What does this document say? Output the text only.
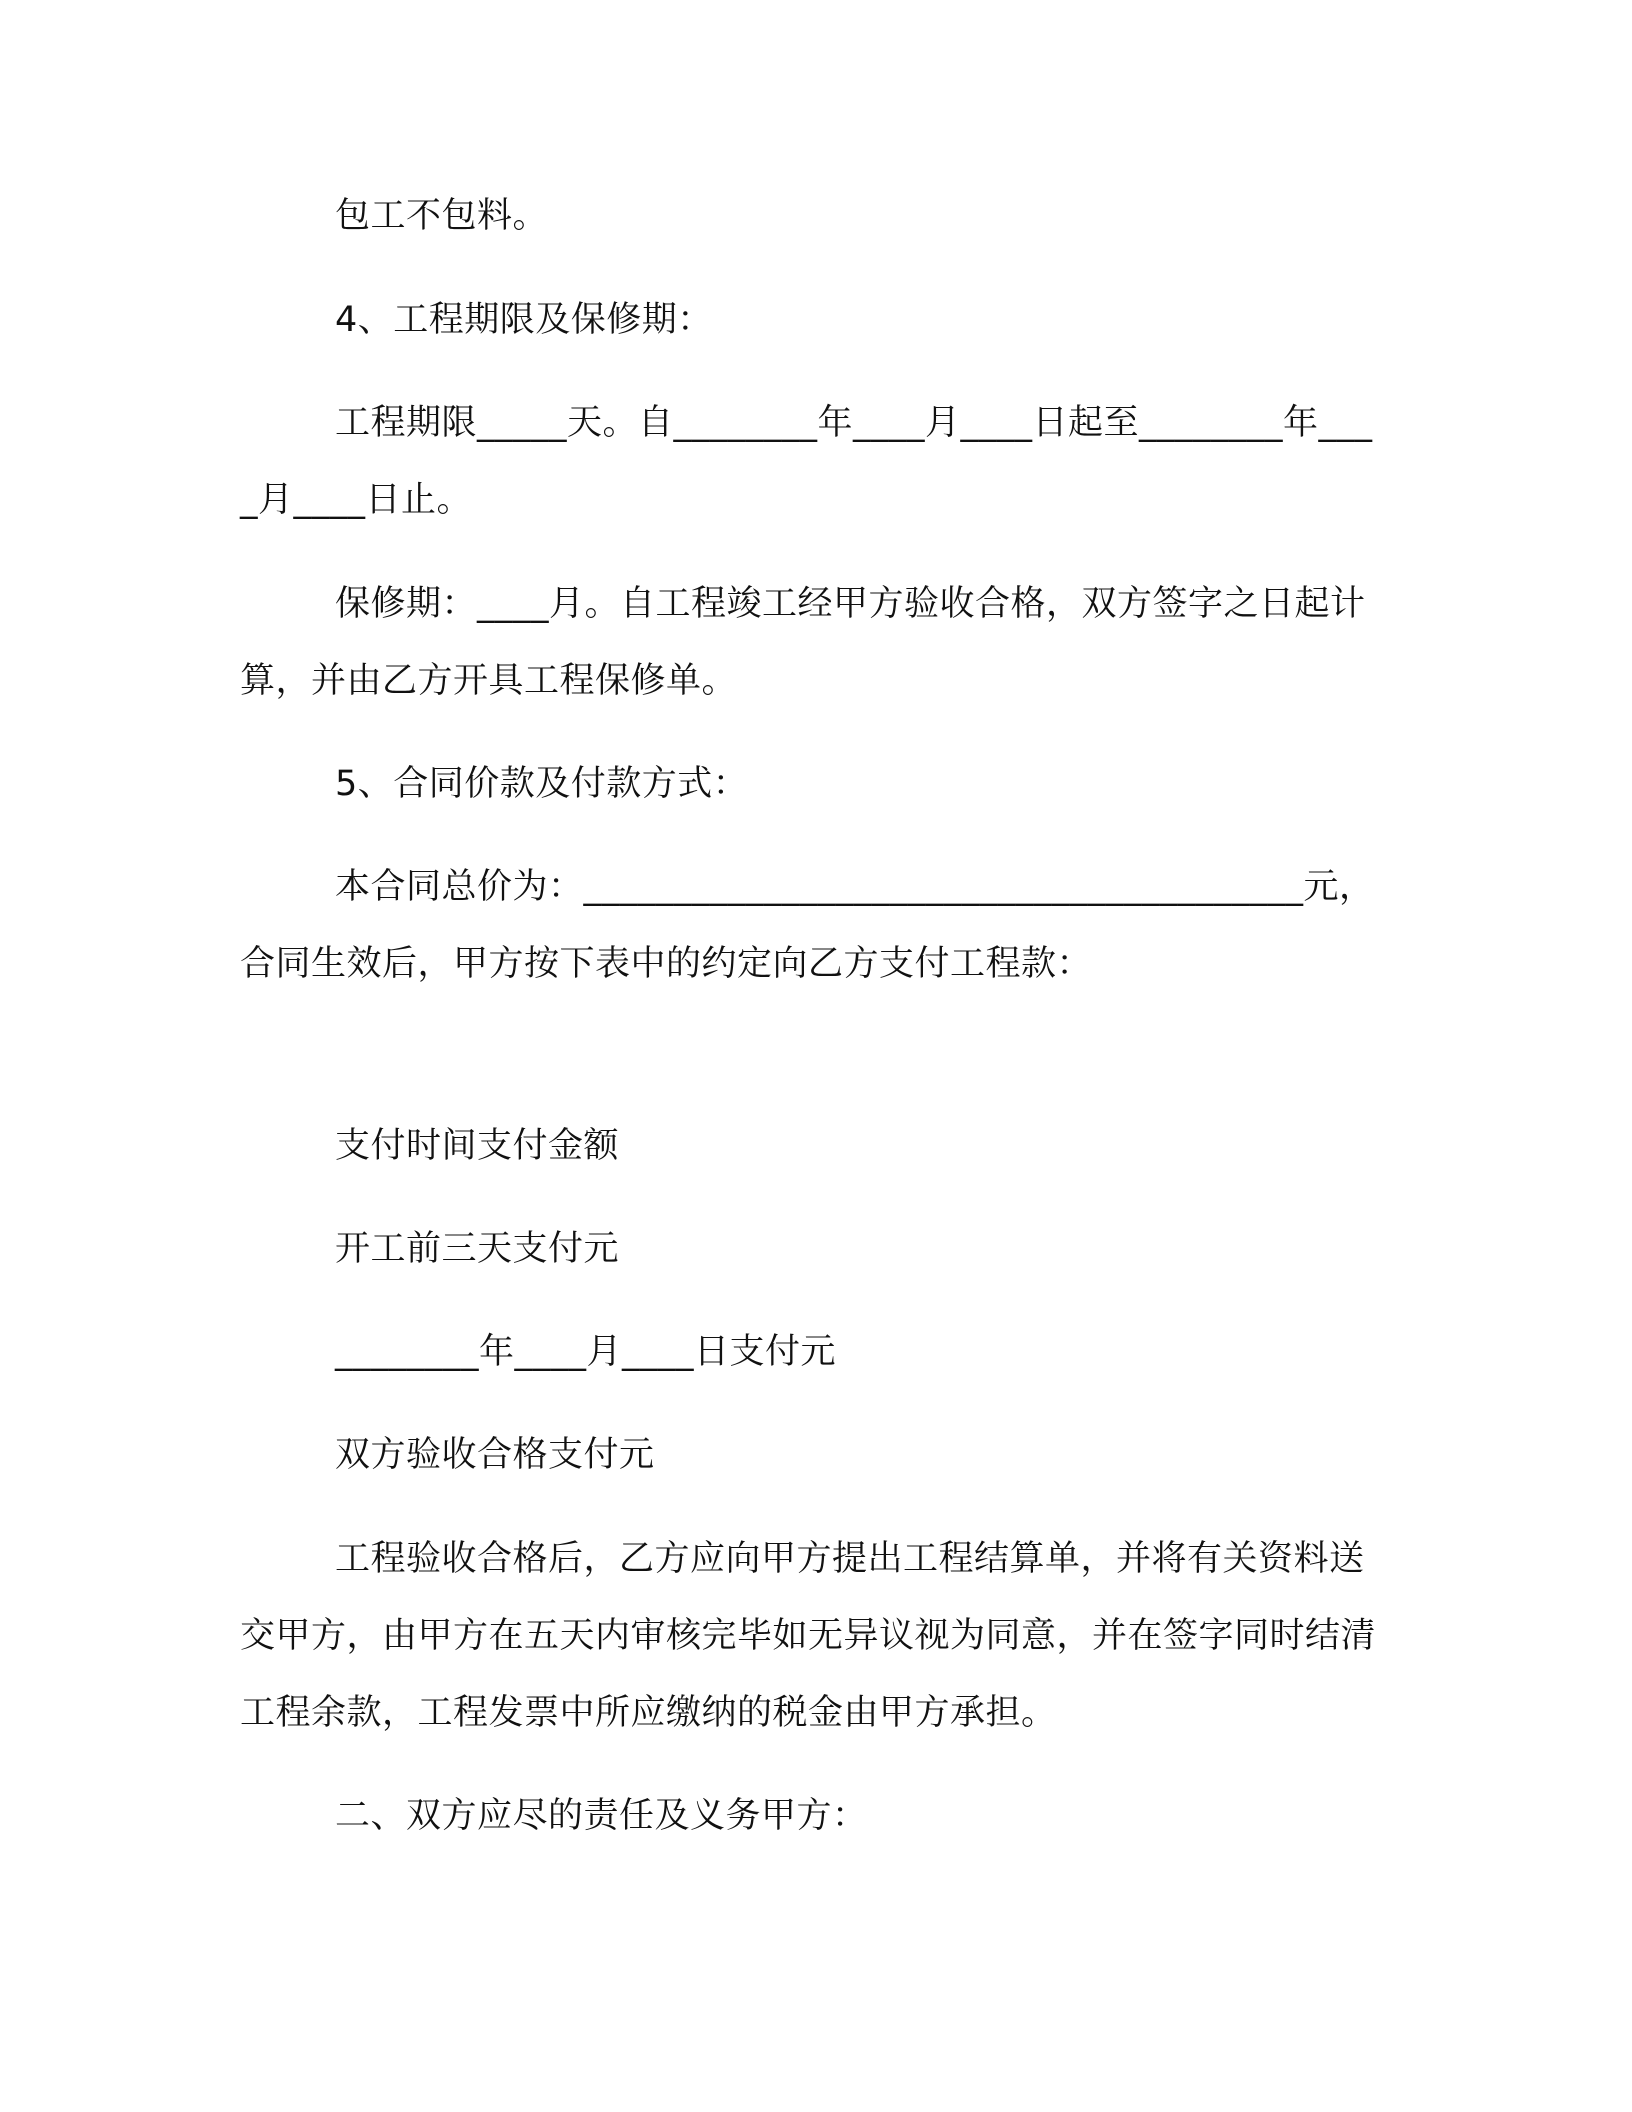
包工不包料。

4、工程期限及保修期：

工程期限_____天。自________年____月____日起至________年____月____日止。

保修期：____月。自工程竣工经甲方验收合格，双方签字之日起计算，并由乙方开具工程保修单。

5、合同价款及付款方式：

本合同总价为：________________________________________元，合同生效后，甲方按下表中的约定向乙方支付工程款：

支付时间支付金额

开工前三天支付元

________年____月____日支付元

双方验收合格支付元

工程验收合格后，乙方应向甲方提出工程结算单，并将有关资料送交甲方，由甲方在五天内审核完毕如无异议视为同意，并在签字同时结清工程余款，工程发票中所应缴纳的税金由甲方承担。

二、双方应尽的责任及义务甲方：
